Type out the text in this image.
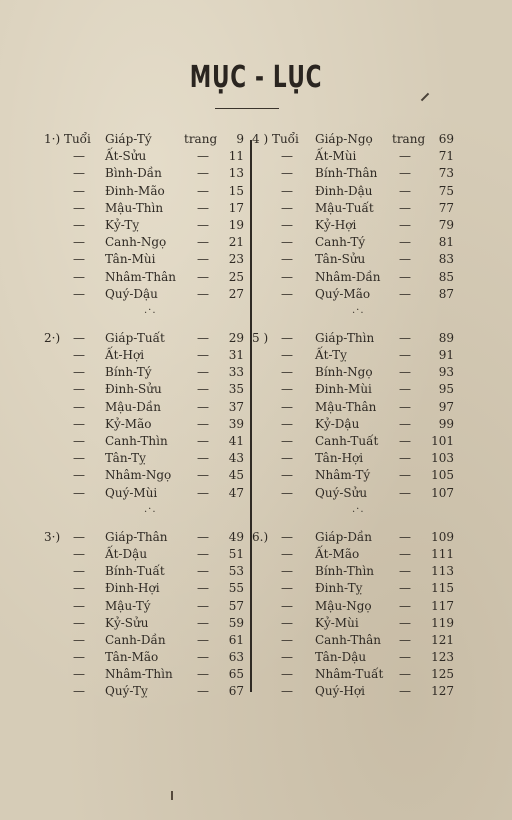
MỤC - LỤC
1·) Tuổi Giáp-Tý	trang	9
— Ất-Sửu	—	11
— Bình-Dần	—	13
— Đinh-Mão	—	15
— Mậu-Thìn	—	17
— Kỷ-Tỵ	—	19
— Canh-Ngọ	—	21
— Tân-Mùi	—	23
— Nhâm-Thân —	25
— Quý-Dậu	—	27
.·.
2·) — Giáp-Tuất	—	29
— Ất-Hợi	—	31
— Bính-Tý	—	33
— Đinh-Sửu	—	35
— Mậu-Dần	—	37
— Kỷ-Mão	—	39
— Canh-Thìn —	41
— Tân-Tỵ	—	43
— Nhâm-Ngọ —	45
— Quý-Mùi	—	47
.·.
3·) — Giáp-Thân —	49
— Ất-Dậu	—	51
— Bính-Tuất	—	53
— Đinh-Hợi	—	55
— Mậu-Tý	—	57
— Kỷ-Sửu	—	59
— Canh-Dần	—	61
— Tân-Mão	—	63
— Nhâm-Thìn —	65
— Quý-Tỵ	—	67
4 ) Tuổi Giáp-Ngọ trang	69
— Ất-Mùi	—	71
— Bính-Thân —	73
— Đinh-Dậu —	75
— Mậu-Tuất —	77
— Kỷ-Hợi	—	79
— Canh-Tý	—	81
— Tân-Sửu	—	83
— Nhâm-Dần —	85
— Quý-Mão —	87
.·.
5 ) — Giáp-Thìn —	89
— Ất-Tỵ	—	91
— Bính-Ngọ —	93
— Đinh-Mùi —	95
— Mậu-Thân —	97
— Kỷ-Dậu	—	99
— Canh-Tuất —	101
— Tân-Hợi	—	103
— Nhâm-Tý —	105
— Quý-Sửu	—	107
.·.
6.) — Giáp-Dần —	109
— Ất-Mão	—	111
— Bính-Thìn —	113
— Đinh-Tỵ	—	115
— Mậu-Ngọ —	117
— Kỷ-Mùi	—	119
— Canh-Thân —	121
— Tân-Dậu	—	123
— Nhâm-Tuất —	125
— Quý-Hợi	—	127
